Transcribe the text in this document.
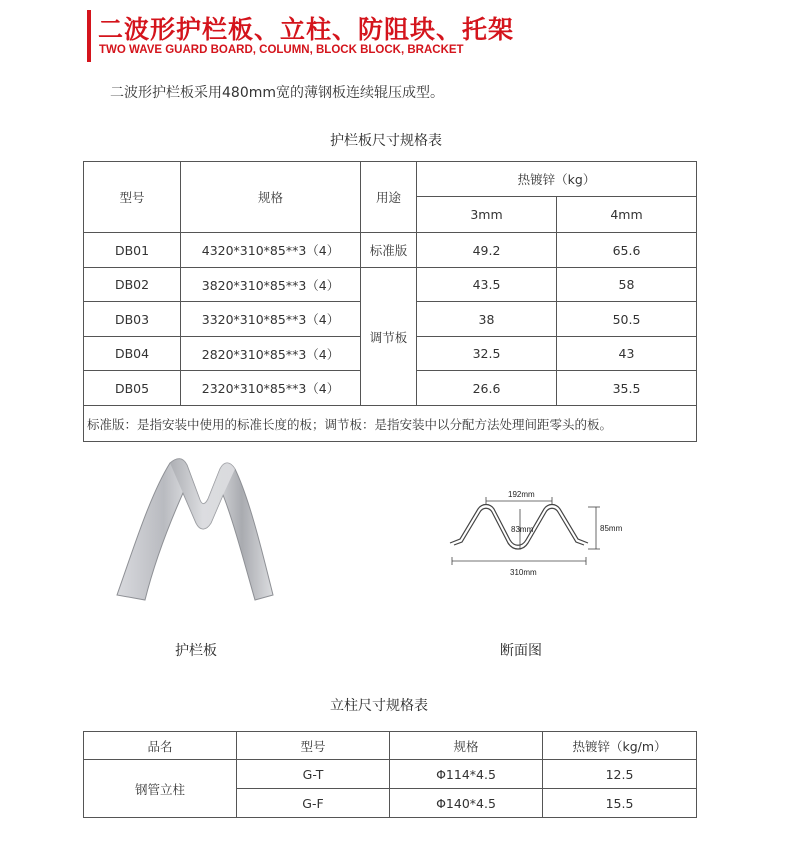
二波形护栏板、立柱、防阻块、托架
TWO WAVE GUARD BOARD, COLUMN, BLOCK BLOCK, BRACKET
二波形护栏板采用480mm宽的薄钢板连续辊压成型。
护栏板尺寸规格表
型号	规格	用途	热镀锌（kg）	
			3mm	4mm
DB01	4320*310*85**3（4）	标准版	49.2	65.6
DB02	3820*310*85**3（4）	调节板	43.5	58
DB03	3320*310*85**3（4）		38	50.5
DB04	2820*310*85**3（4）		32.5	43
DB05	2320*310*85**3（4）		26.6	35.5
标准版：是指安装中使用的标准长度的板；调节板：是指安装中以分配方法处理间距零头的板。				
192mm
83mm	85mm
310mm
护栏板	断面图
立柱尺寸规格表
品名	型号	规格	热镀锌（kg/m）
钢管立柱	G-T	Φ114*4.5	12.5
	G-F	Φ140*4.5	15.5
